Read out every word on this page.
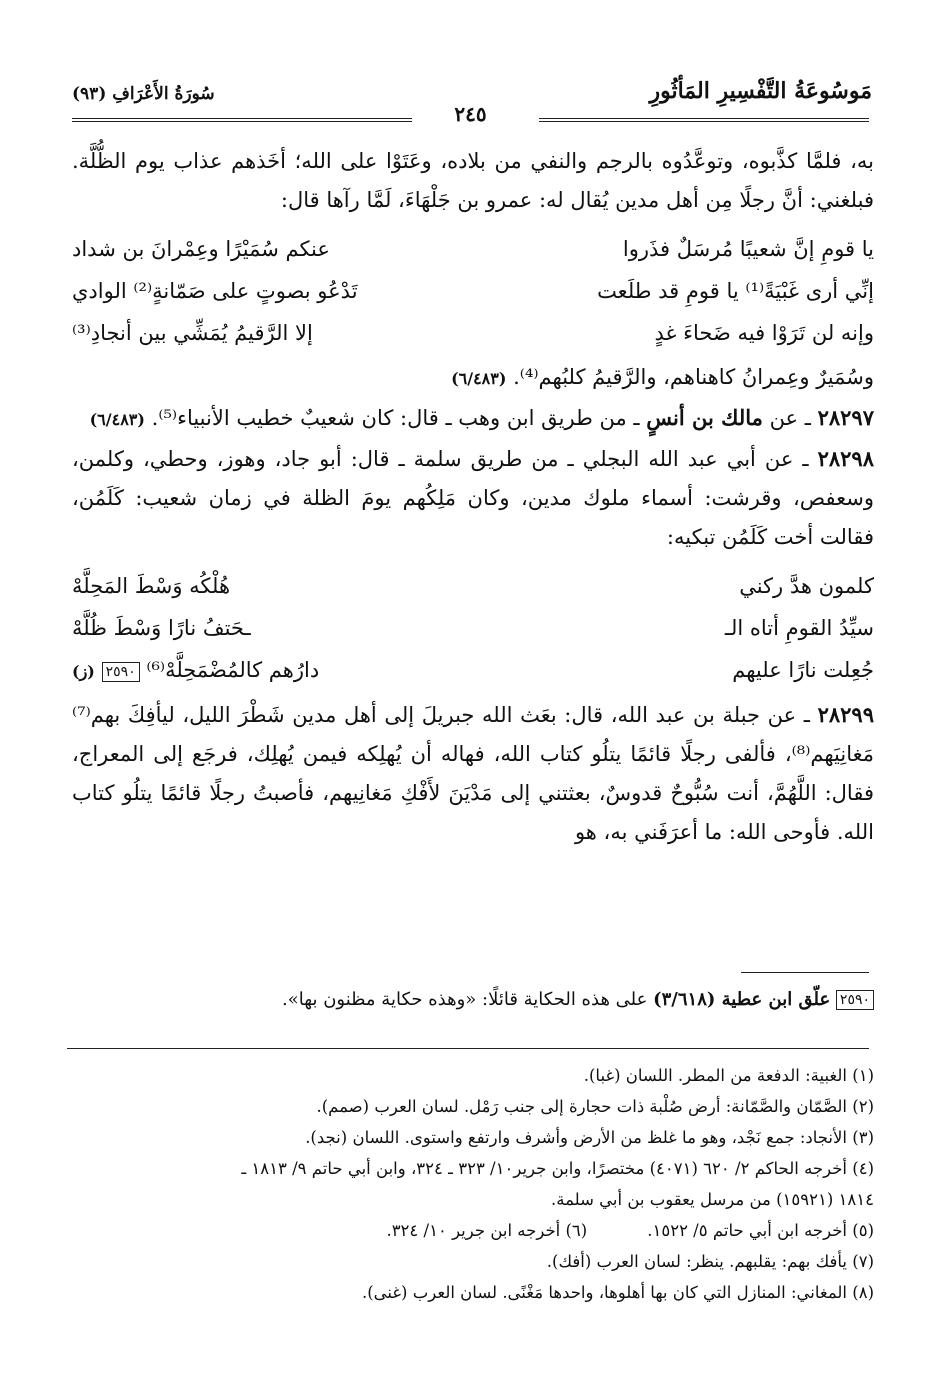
مَوسُوعَةُ التَّفْسِيرِ المَأثُورِ
سُورَةُ الأَعْرَافِ (٩٣)
٢٤٥

به، فلمَّا كذَّبوه، وتوعَّدُوه بالرجم والنفي من بلاده، وعَتَوْا على الله؛ أخَذهم عذاب يوم الظُّلَّة. فبلغني: أنَّ رجلًا مِن أهل مدين يُقال له: عمرو بن جَلْهَاءَ، لَمَّا رآها قال:

يا قومِ إنَّ شعيبًا مُرسَلٌ فذَروا
عنكم سُمَيْرًا وعِمْرانَ بن شداد
إنِّي أرى غَبْيَةً⁽¹⁾ يا قومِ قد طلَعت
تَدْعُو بصوتٍ على صَمّانةٍ⁽²⁾ الوادي
وإنه لن تَرَوْا فيه ضَحاءَ غدٍ
إلا الرَّقيمُ يُمَشِّي بين أنجادِ⁽³⁾

وسُمَيرٌ وعِمرانُ كاهناهم، والرَّقيمُ كلبُهم⁽⁴⁾. (٦/٤٨٣)

٢٨٢٩٧ ـ عن مالك بن أنسٍ ـ من طريق ابن وهب ـ قال: كان شعيبٌ خطيب الأنبياء⁽⁵⁾. (٦/٤٨٣)

٢٨٢٩٨ ـ عن أبي عبد الله البجلي ـ من طريق سلمة ـ قال: أبو جاد، وهوز، وحطي، وكلمن، وسعفص، وقرشت: أسماء ملوك مدين، وكان مَلِكُهم يومَ الظلة في زمان شعيب: كَلَمُن، فقالت أخت كَلَمُن تبكيه:

كلمون هدَّ ركني
هُلْكُه وَسْطَ المَحِلَّهْ
سيِّدُ القومِ أتاه الـ
ـحَتفُ نارًا وَسْطَ ظُلَّهْ
جُعِلت نارًا عليهم
دارُهم كالمُضْمَحِلَّهْ⁽⁶⁾ ٢٥٩٠ (ز)

٢٨٢٩٩ ـ عن جبلة بن عبد الله، قال: بعَث الله جبريلَ إلى أهل مدين شَطْرَ الليل، ليأفِكَ بهم⁽⁷⁾ مَغانِيَهم⁽⁸⁾، فألفى رجلًا قائمًا يتلُو كتاب الله، فهاله أن يُهلِكه فيمن يُهلِك، فرجَع إلى المعراج، فقال: اللَّهُمَّ، أنت سُبُّوحٌ قدوسٌ، بعثتني إلى مَدْيَنَ لأَفْكِ مَغانِيهم، فأصبتُ رجلًا قائمًا يتلُو كتاب الله. فأوحى الله: ما أعرَفَني به، هو

٢٥٩٠ علّق ابن عطية (٣/٦١٨) على هذه الحكاية قائلًا: «وهذه حكاية مظنون بها».

(١) الغبية: الدفعة من المطر. اللسان (غبا).

(٢) الصَّمّان والصَّمّانة: أرض صُلْبة ذات حجارة إلى جنب رَمْل. لسان العرب (صمم).

(٣) الأنجاد: جمع نَجْد، وهو ما غلظ من الأرض وأشرف وارتفع واستوى. اللسان (نجد).

(٤) أخرجه الحاكم ٢/ ٦٢٠ (٤٠٧١) مختصرًا، وابن جرير١٠/ ٣٢٣ ـ ٣٢٤، وابن أبي حاتم ٩/ ١٨١٣ ـ

١٨١٤ (١٥٩٢١) من مرسل يعقوب بن أبي سلمة.

(٥) أخرجه ابن أبي حاتم ٥/ ١٥٢٢.
(٦) أخرجه ابن جرير ١٠/ ٣٢٤.

(٧) يأفك بهم: يقلبهم. ينظر: لسان العرب (أفك).

(٨) المغاني: المنازل التي كان بها أهلوها، واحدها مَغْنًى. لسان العرب (غنى).
